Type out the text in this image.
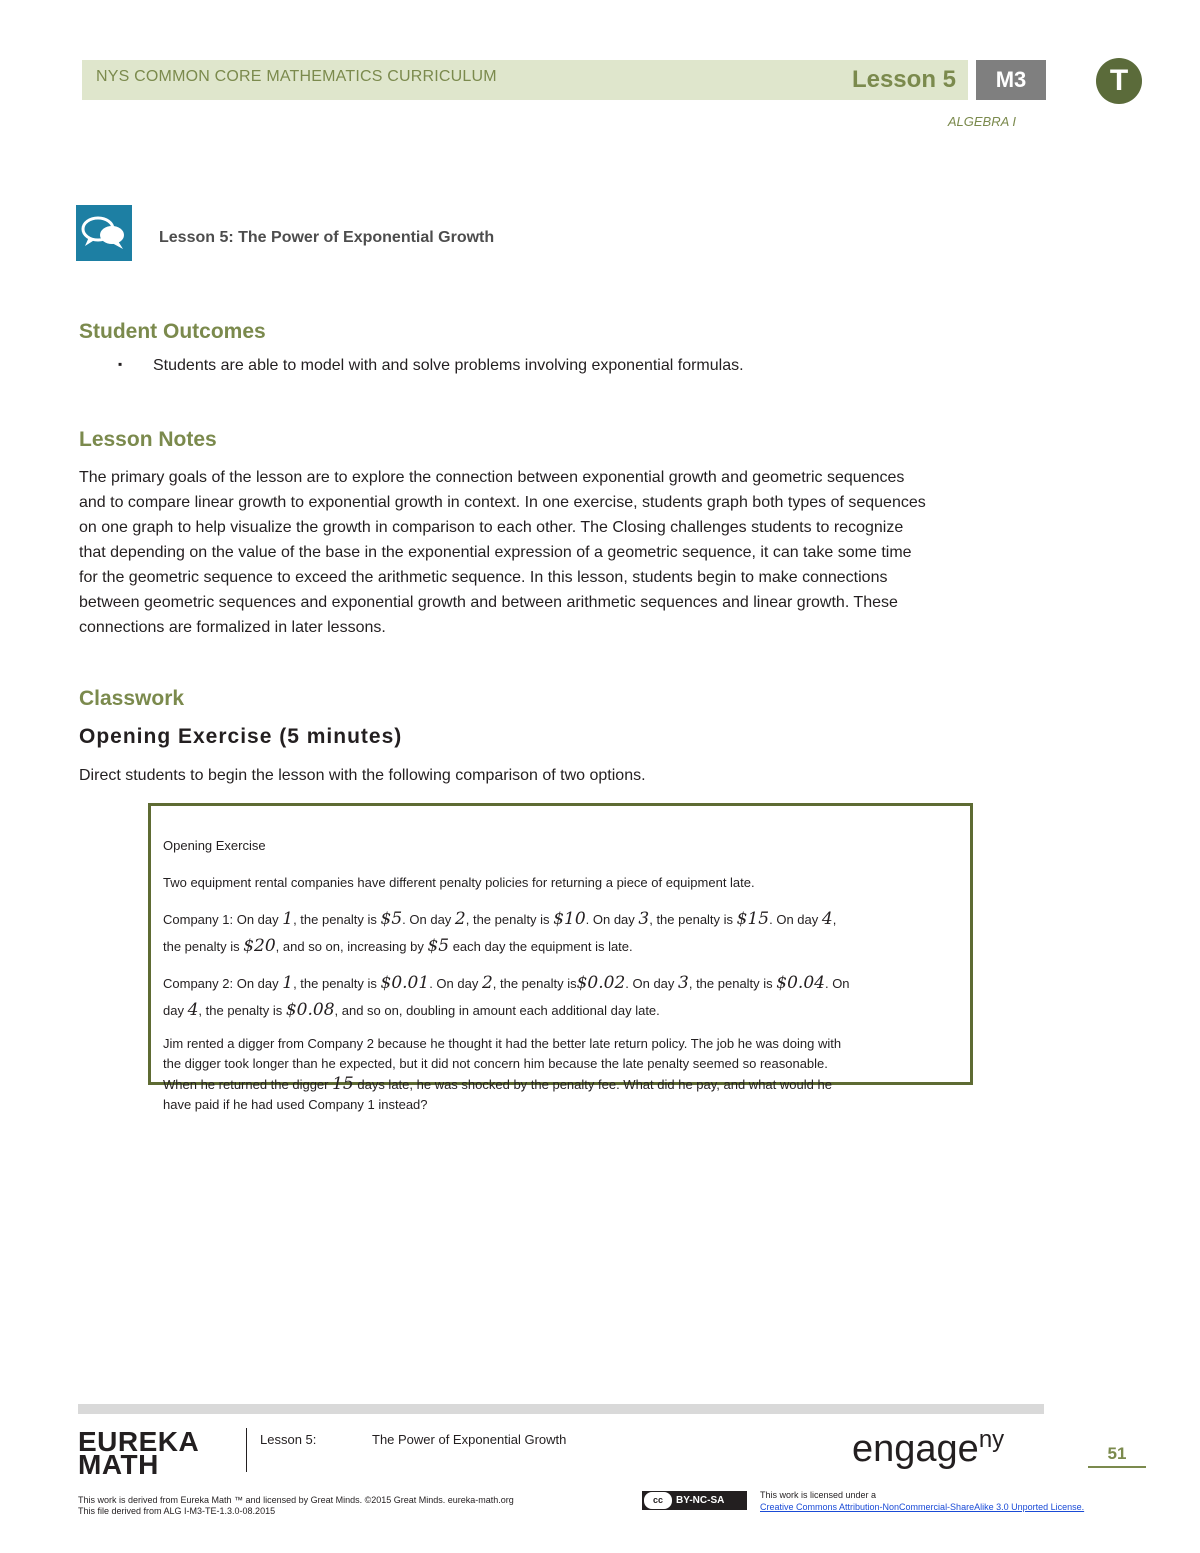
NYS COMMON CORE MATHEMATICS CURRICULUM	Lesson 5	M3	T
ALGEBRA I
Lesson 5: The Power of Exponential Growth
Student Outcomes
▪ Students are able to model with and solve problems involving exponential formulas.
Lesson Notes
The primary goals of the lesson are to explore the connection between exponential growth and geometric sequences
and to compare linear growth to exponential growth in context. In one exercise, students graph both types of sequences
on one graph to help visualize the growth in comparison to each other. The Closing challenges students to recognize
that depending on the value of the base in the exponential expression of a geometric sequence, it can take some time
for the geometric sequence to exceed the arithmetic sequence. In this lesson, students begin to make connections
between geometric sequences and exponential growth and between arithmetic sequences and linear growth. These
connections are formalized in later lessons.
Classwork
Opening Exercise (5 minutes)
Direct students to begin the lesson with the following comparison of two options.

Opening Exercise

Two equipment rental companies have different penalty policies for returning a piece of equipment late.

Company 1: On day 1, the penalty is $5. On day 2, the penalty is $10. On day 3, the penalty is $15. On day 4,
the penalty is $20, and so on, increasing by $5 each day the equipment is late.

Company 2: On day 1, the penalty is $0.01. On day 2, the penalty is$0.02. On day 3, the penalty is $0.04. On
day 4, the penalty is $0.08, and so on, doubling in amount each additional day late.

Jim rented a digger from Company 2 because he thought it had the better late return policy. The job he was doing with
the digger took longer than he expected, but it did not concern him because the late penalty seemed so reasonable.
When he returned the digger 15 days late, he was shocked by the penalty fee. What did he pay, and what would he
have paid if he had used Company 1 instead?

EUREKA
MATH
Lesson 5:	The Power of Exponential Growth	engage$^{ny}$
51
This work is derived from Eureka Math ™ and licensed by Great Minds. ©2015 Great Minds. eureka-math.org
This file derived from ALG I-M3-TE-1.3.0-08.2015
cc	BY-NC-SA	This work is licensed under a
Creative Commons Attribution-NonCommercial-ShareAlike 3.0 Unported License.
